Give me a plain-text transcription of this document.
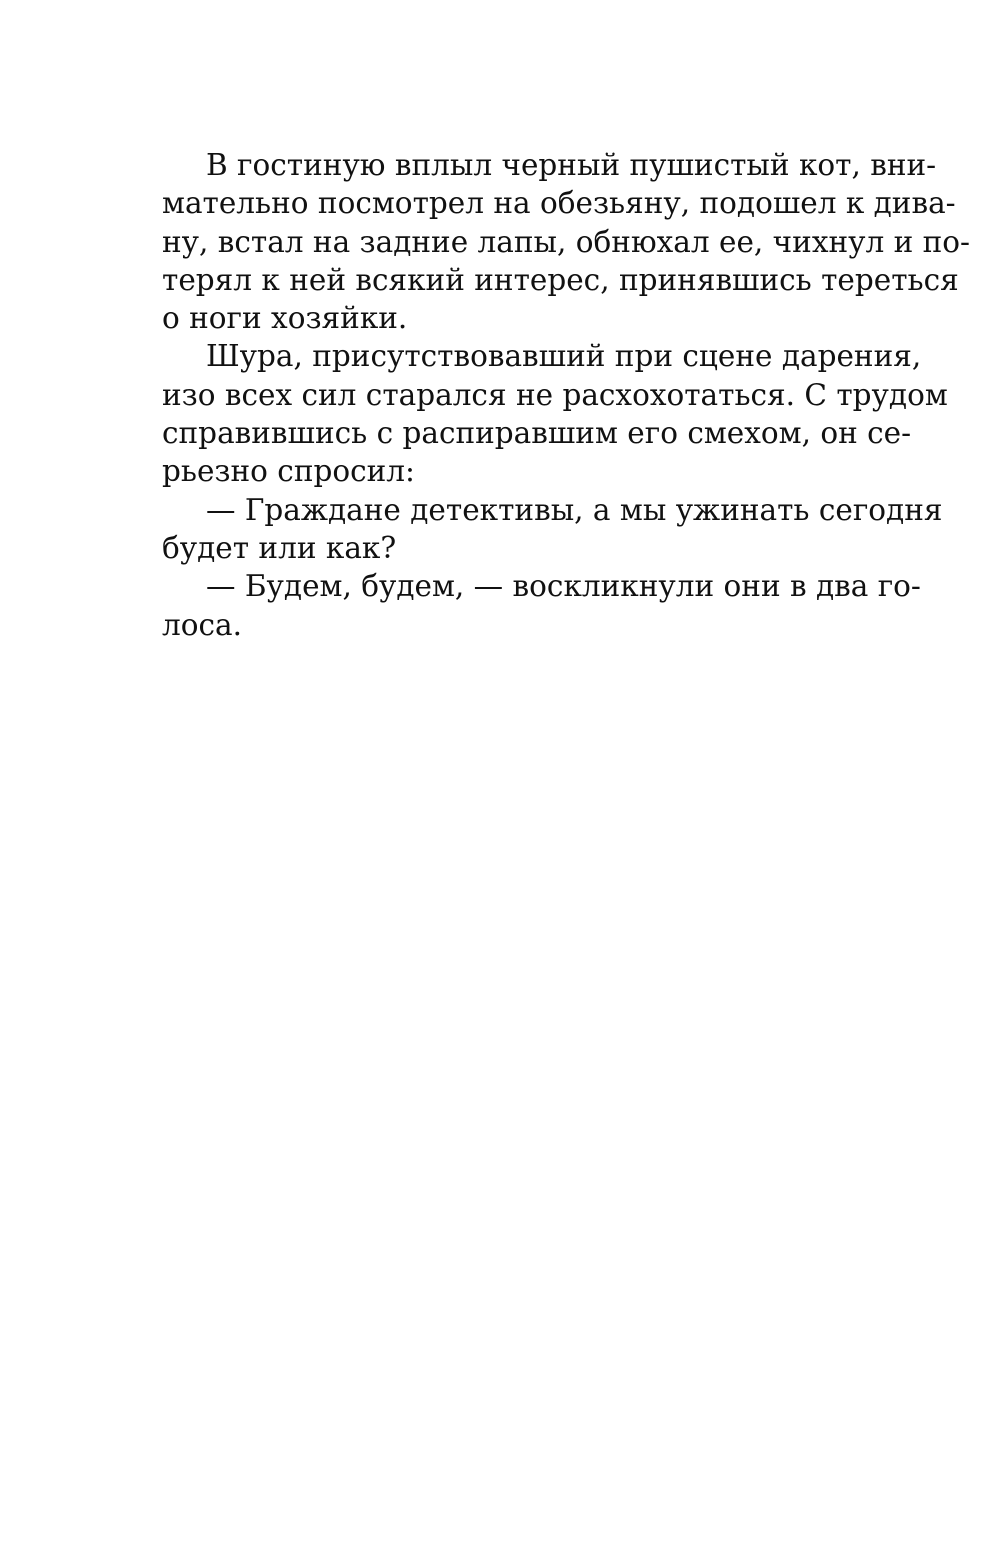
В гостиную вплыл черный пушистый кот, вни-
мательно посмотрел на обезьяну, подошел к дива-
ну, встал на задние лапы, обнюхал ее, чихнул и по-
терял к ней всякий интерес, принявшись тереться
о ноги хозяйки.
Шура, присутствовавший при сцене дарения,
изо всех сил старался не расхохотаться. С трудом
справившись с распиравшим его смехом, он се-
рьезно спросил:
— Граждане детективы, а мы ужинать сегодня
будет или как?
— Будем, будем, — воскликнули они в два го-
лоса.
